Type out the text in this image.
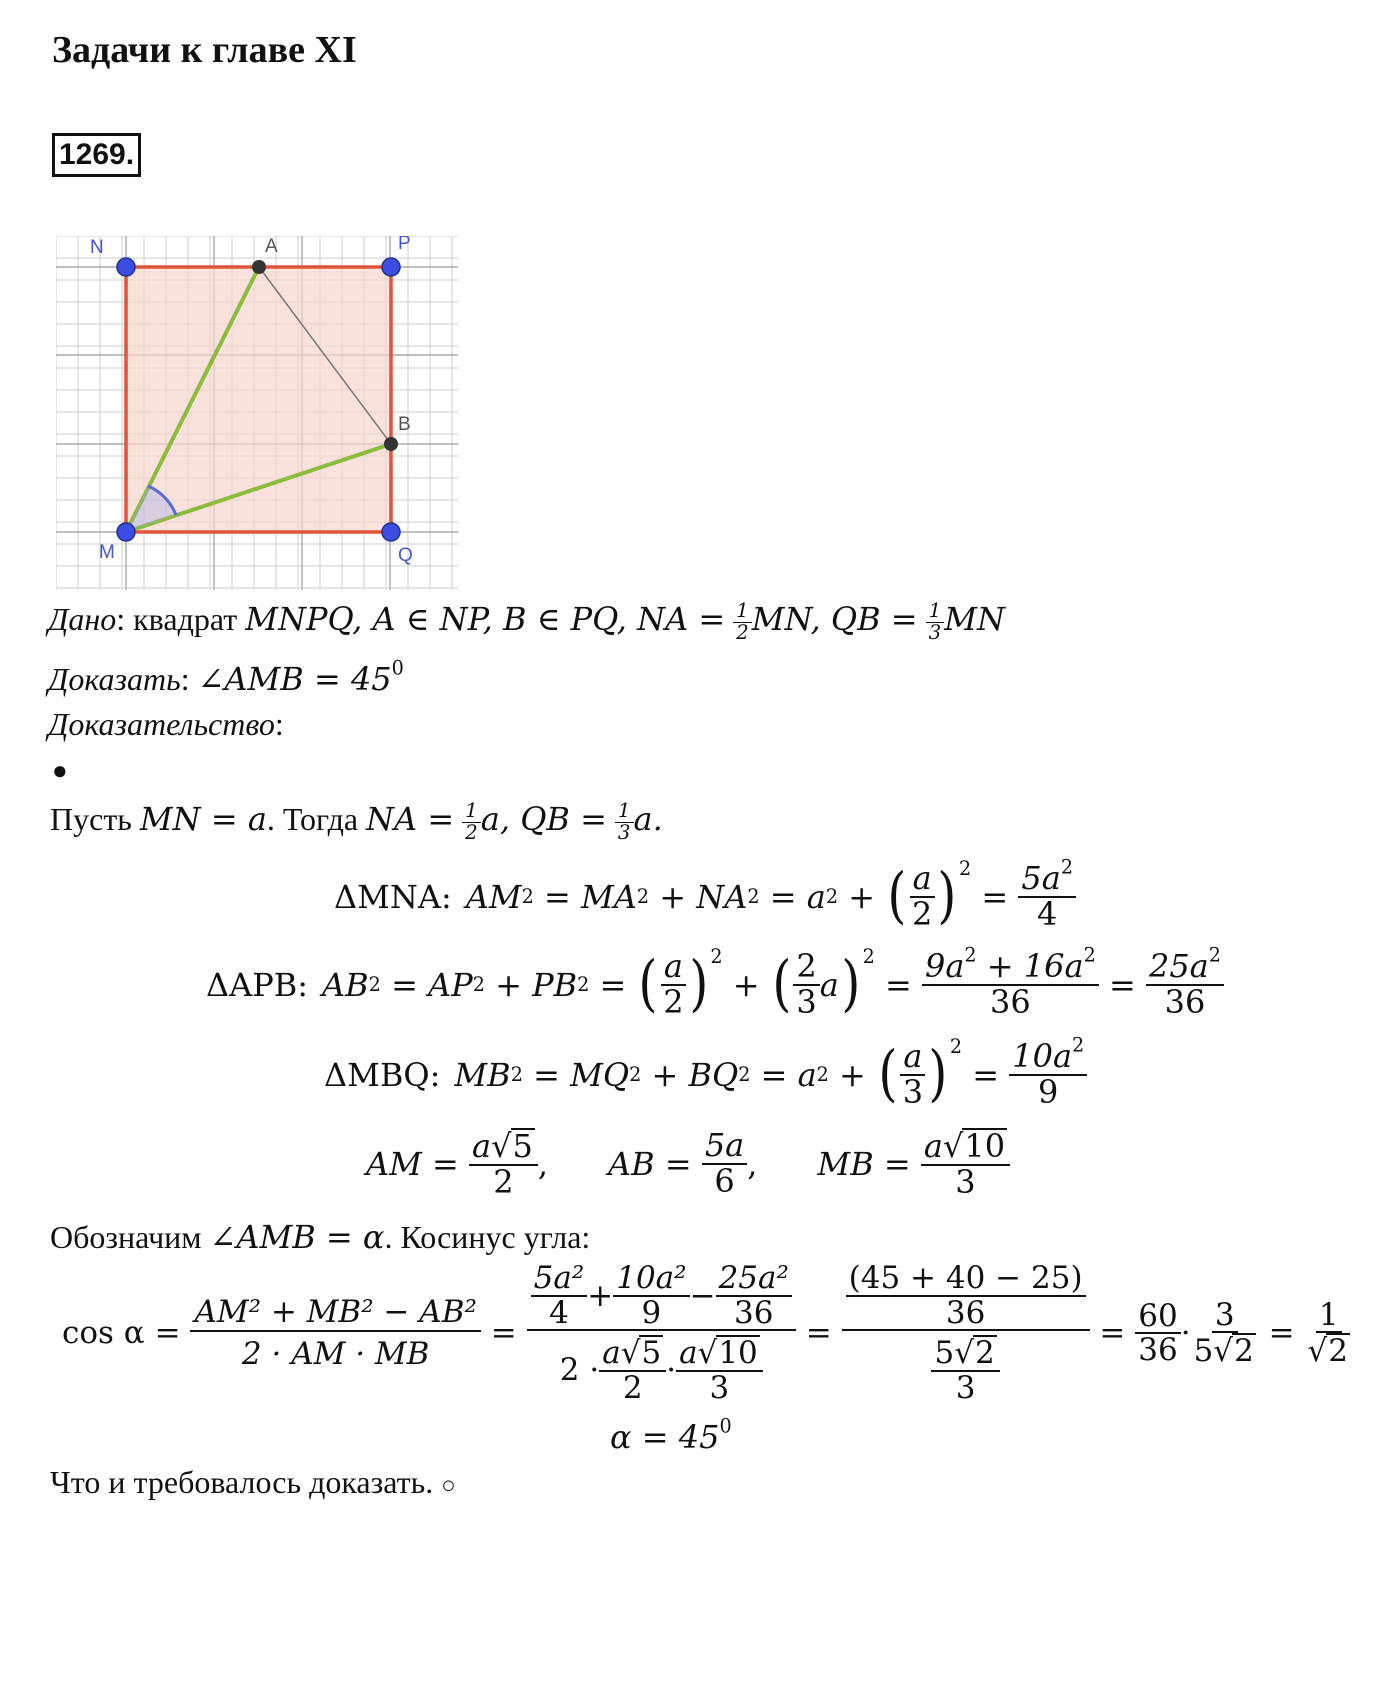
Задачи к главе XI
1269.
N	A	P
B
M	Q
Дано: квадрат MNPQ, A ∈ NP, B ∈ PQ, NA = $\frac{1}{2}$ MN, QB = $\frac{1}{3}$ MN
Доказать: ∠AMB = $45^0$
Доказательство:
●
Пусть MN = a. Тогда NA = $\frac{1}{2} a$, QB = $\frac{1}{3} a$.
ΔMNA: AM 2
= MA 2
+ NA 2
= a 2
+
( $\frac{a}{2}$ ) 2

=
$\frac{5a^2}{4}$
ΔAPB: AB 2
= AP 2
+ PB 2
=
( $\frac{a}{2}$ ) 2

+
( $\frac{2}{3}$ a ) 2

=
$\frac{9a^2 + 16a^2}{36}$
=
$\frac{25a^2}{36}$
ΔMBQ: MB 2
= MQ 2
+ BQ 2
= a 2
+
( $\frac{a}{3}$ ) 2

=
$\frac{10a^2}{9}$
AM =
$\frac{a √ 5}{2}$ , AB =
$\frac{5a}{6}$ , MB =
$\frac{a √ 10}{3}$
Обозначим ∠AMB = α. Косинус угла:
cos α
=
$\frac{\text{AM² + MB² − AB²}}{2 \cdot AM \cdot MB}$
=
$\frac{\frac{\text{5a²}}{4} + \frac{\text{10a²}}{9} - \frac{\text{25a²}}{36}}{2 \cdot \frac{a √ 5}{2} \cdot \frac{a √ 10}{3}}$
=
$\frac{\frac{(45 + 40 - 25)}{36}}{\frac{5 √ 2}{3}}$
=
$\frac{60}{36} \cdot \frac{3}{5 √ 2}$
=
$\frac{1}{√ 2}$
$\alpha = 45^0$
Что и требовалось доказать. ○
